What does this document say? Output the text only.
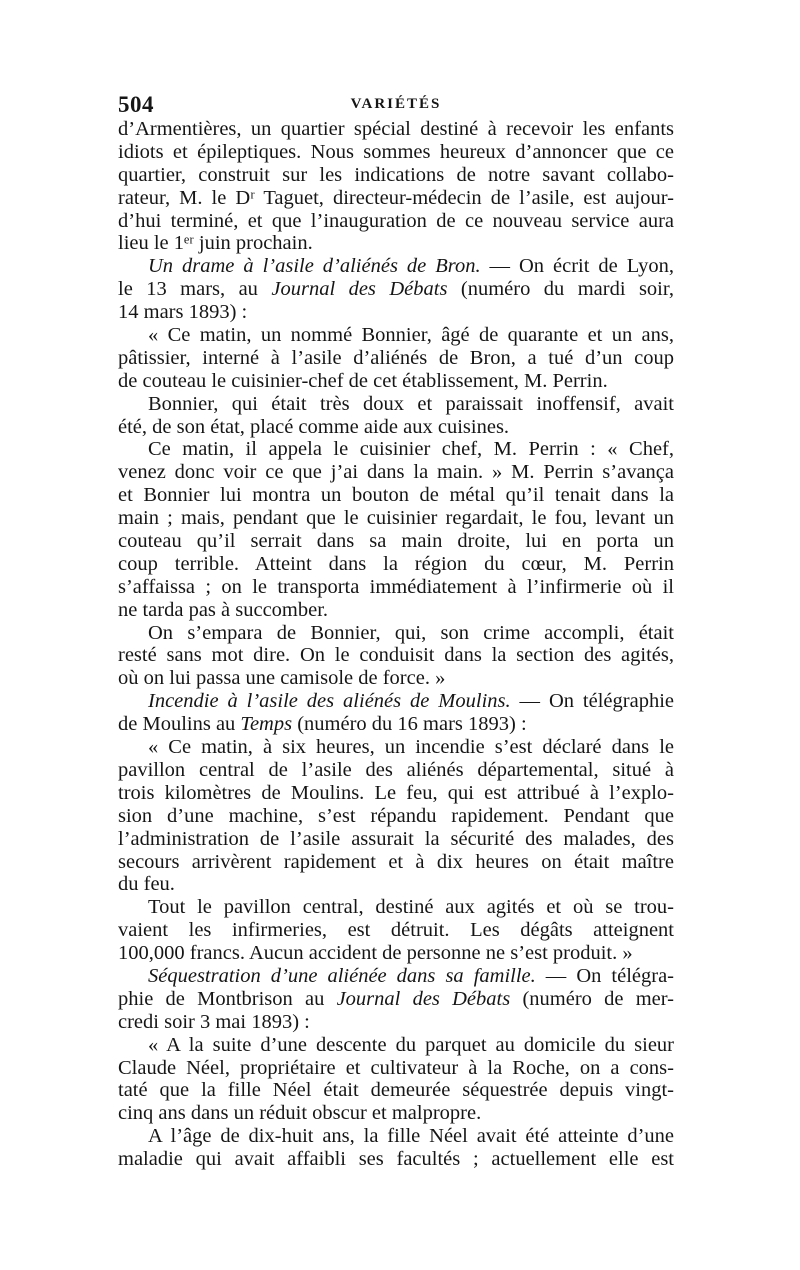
504	VARIÉTÉS
d’Armentières, un quartier spécial destiné à recevoir les enfants
idiots et épileptiques. Nous sommes heureux d’annoncer que ce
quartier, construit sur les indications de notre savant collabo-
rateur, M. le Dʳ Taguet, directeur-médecin de l’asile, est aujour-
d’hui terminé, et que l’inauguration de ce nouveau service aura
lieu le 1ᵉʳ juin prochain.
Un drame à l’asile d’aliénés de Bron. — On écrit de Lyon,
le 13 mars, au Journal des Débats (numéro du mardi soir,
14 mars 1893) :
« Ce matin, un nommé Bonnier, âgé de quarante et un ans,
pâtissier, interné à l’asile d’aliénés de Bron, a tué d’un coup
de couteau le cuisinier-chef de cet établissement, M. Perrin.
Bonnier, qui était très doux et paraissait inoffensif, avait
été, de son état, placé comme aide aux cuisines.
Ce matin, il appela le cuisinier chef, M. Perrin : « Chef,
venez donc voir ce que j’ai dans la main. » M. Perrin s’avança
et Bonnier lui montra un bouton de métal qu’il tenait dans la
main ; mais, pendant que le cuisinier regardait, le fou, levant un
couteau qu’il serrait dans sa main droite, lui en porta un
coup terrible. Atteint dans la région du cœur, M. Perrin
s’affaissa ; on le transporta immédiatement à l’infirmerie où il
ne tarda pas à succomber.
On s’empara de Bonnier, qui, son crime accompli, était
resté sans mot dire. On le conduisit dans la section des agités,
où on lui passa une camisole de force. »
Incendie à l’asile des aliénés de Moulins. — On télégraphie
de Moulins au Temps (numéro du 16 mars 1893) :
« Ce matin, à six heures, un incendie s’est déclaré dans le
pavillon central de l’asile des aliénés départemental, situé à
trois kilomètres de Moulins. Le feu, qui est attribué à l’explo-
sion d’une machine, s’est répandu rapidement. Pendant que
l’administration de l’asile assurait la sécurité des malades, des
secours arrivèrent rapidement et à dix heures on était maître
du feu.
Tout le pavillon central, destiné aux agités et où se trou-
vaient les infirmeries, est détruit. Les dégâts atteignent
100,000 francs. Aucun accident de personne ne s’est produit. »
Séquestration d’une aliénée dans sa famille. — On télégra-
phie de Montbrison au Journal des Débats (numéro de mer-
credi soir 3 mai 1893) :
« A la suite d’une descente du parquet au domicile du sieur
Claude Néel, propriétaire et cultivateur à la Roche, on a cons-
taté que la fille Néel était demeurée séquestrée depuis vingt-
cinq ans dans un réduit obscur et malpropre.
A l’âge de dix-huit ans, la fille Néel avait été atteinte d’une
maladie qui avait affaibli ses facultés ; actuellement elle est
